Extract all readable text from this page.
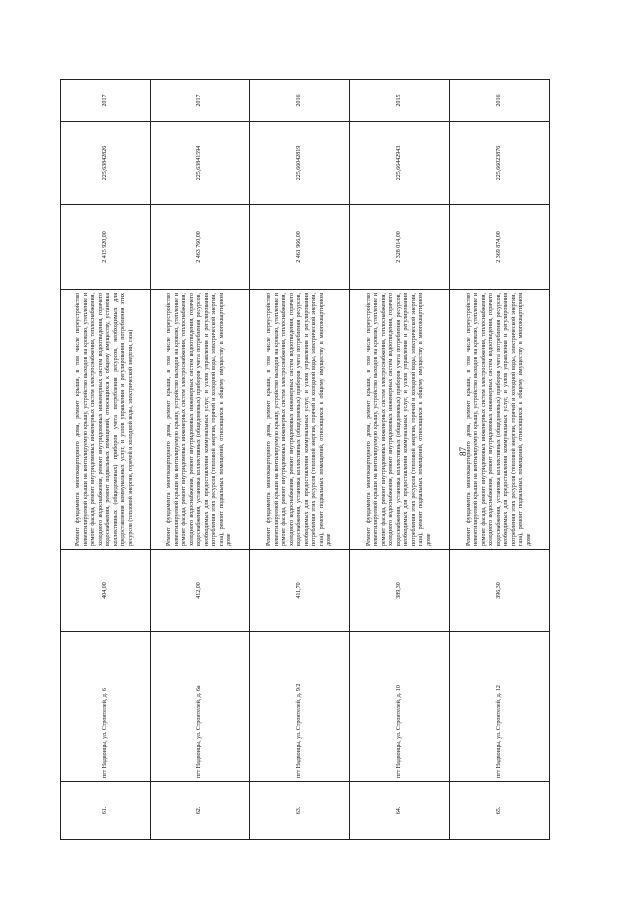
87
61.	пгт Надвоицы, ул. Строителей, д. 6	404,00	Ремонт фундамента многоквартирного дома, ремонт крыши, в том числе переустройство невентилируемой крыши на вентилируемую крышу, устройство выходов на кровлю, утепление и ремонт фасада, ремонт внутридомовых инженерных систем электроснабжения, теплоснабжения, холодного водоснабжения, ремонт внутридомовых инженерных систем водоотведения, горячего водоснабжения, ремонт подвальных помещений, относящихся к общему имуществу, установка коллективных (общедомовых) приборов учета потребления ресурсов, необходимых для предоставления коммунальных услуг, и узлов управления и регулирования потребления этих ресурсов (тепловой энергии, горячей и холодной воды, электрической энергии, газа)	2 415 920,00	225,63842826	2017
62.	пгт Надвоицы, ул. Строителей, д. 6а	412,00	Ремонт фундамента многоквартирного дома, ремонт крыши, в том числе переустройство невентилируемой крыши на вентилируемую крышу, устройство выходов на кровлю, утепление и ремонт фасада, ремонт внутридомовых инженерных систем электроснабжения, теплоснабжения, холодного водоснабжения, ремонт внутридомовых инженерных систем водоотведения, горячего водоснабжения, установка коллективных (общедомовых) приборов учета потребления ресурсов, необходимых для предоставления коммунальных услуг, и узлов управления и регулирования потребления этих ресурсов (тепловой энергии, горячей и холодной воды, электрической энергии, газа), ремонт подвальных помещений, относящихся к общему имуществу в многоквартирном доме	2 463 760,00	225,63841594	2017
63.	пгт Надвоицы, ул. Строителей, д. 9/2	411,70	Ремонт фундамента многоквартирного дома, ремонт крыши, в том числе переустройство невентилируемой крыши на вентилируемую крышу, устройство выходов на кровлю, утепление и ремонт фасада, ремонт внутридомовых инженерных систем электроснабжения, теплоснабжения, холодного водоснабжения, ремонт внутридомовых инженерных систем водоотведения, горячего водоснабжения, установка коллективных (общедомовых) приборов учета потребления ресурсов, необходимых для предоставления коммунальных услуг, и узлов управления и регулирования потребления этих ресурсов (тепловой энергии, горячей и холодной воды, электрической энергии, газа), ремонт подвальных помещений, относящихся к общему имуществу в многоквартирном доме	2 461 966,00	225,66042819	2016
64.	пгт Надвоицы, ул. Строителей, д. 10	389,30	Ремонт фундамента многоквартирного дома, ремонт крыши, в том числе переустройство невентилируемой крыши на вентилируемую крышу, устройство выходов на кровлю, утепление и ремонт фасада, ремонт внутридомовых инженерных систем электроснабжения, теплоснабжения, холодного водоснабжения, ремонт внутридомовых инженерных систем водоотведения, горячего водоснабжения, установка коллективных (общедомовых) приборов учета потребления ресурсов, необходимых для предоставления коммунальных услуг, и узлов управления и регулирования потребления этих ресурсов (тепловой энергии, горячей и холодной воды, электрической энергии, газа), ремонт подвальных помещений, относящихся к общему имуществу в многоквартирном доме	2 328 014,00	225,66442943	2015
65.	пгт Надвоицы, ул. Строителей, д. 12	396,30	Ремонт фундамента многоквартирного дома, ремонт крыши, в том числе переустройство невентилируемой крыши на вентилируемую крышу, устройство выходов на кровлю, утепление и ремонт фасада, ремонт внутридомовых инженерных систем электроснабжения, теплоснабжения, холодного водоснабжения, ремонт внутридомовых инженерных систем водоотведения, горячего водоснабжения, установка коллективных (общедомовых) приборов учета потребления ресурсов, необходимых для предоставления коммунальных услуг, и узлов управления и регулирования потребления этих ресурсов (тепловой энергии, горячей и холодной воды, электрической энергии, газа), ремонт подвальных помещений, относящихся к общему имуществу в многоквартирном доме	2 369 874,00	225,66023876	2016
